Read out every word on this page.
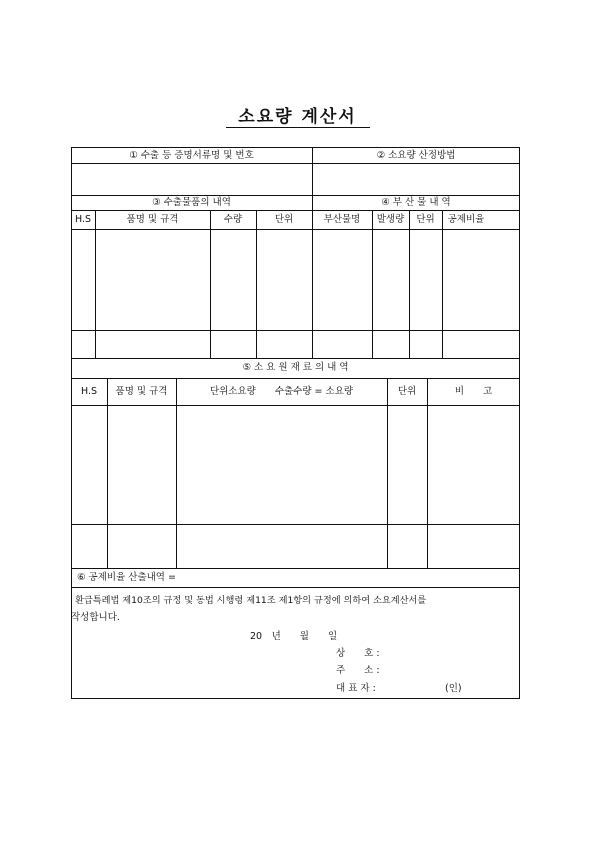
소요량 계산서
① 수출 등 증명서류명 및 번호	② 소요량 산정방법
③ 수출물품의 내역	④ 부 산 물 내 역
H.S	품명 및 규격	수량	단위	부산물명	발생량	단위	공제비율
⑤ 소 요 원 재 료 의 내 역
H.S	품명 및 규격	단위소요량　　수출수량 = 소요량	단위	비　　고
⑥ 공제비율 산출내역 =
환급특례법 제10조의 규정 및 동법 시행령 제11조 제1항의 규정에 의하여 소요계산서를
작성합니다.
20　년　　월　　일
상　　호 :
주　　소 :
대 표 자 :	(인)
